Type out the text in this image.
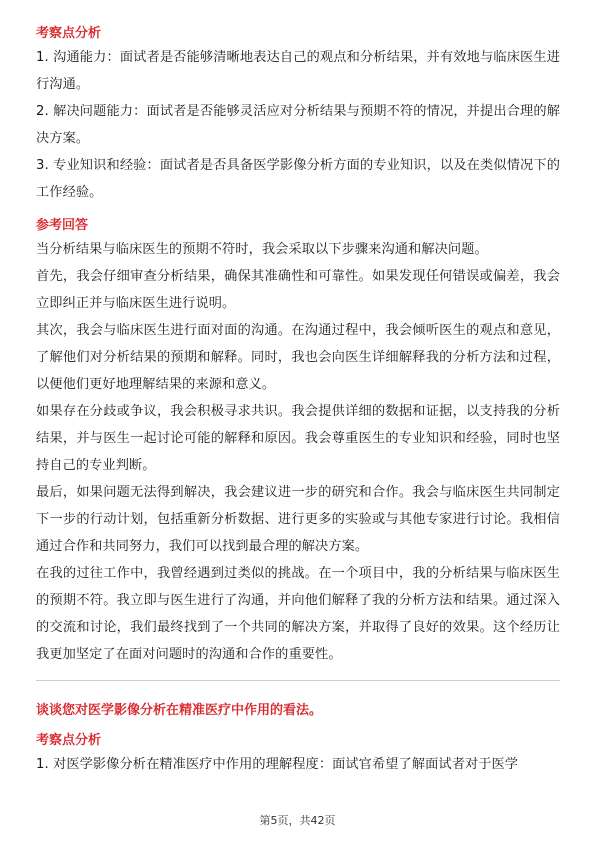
考察点分析

1. 沟通能力：面试者是否能够清晰地表达自己的观点和分析结果，并有效地与临床医生进行沟通。

2. 解决问题能力：面试者是否能够灵活应对分析结果与预期不符的情况，并提出合理的解决方案。

3. 专业知识和经验：面试者是否具备医学影像分析方面的专业知识，以及在类似情况下的工作经验。

参考回答

当分析结果与临床医生的预期不符时，我会采取以下步骤来沟通和解决问题。

首先，我会仔细审查分析结果，确保其准确性和可靠性。如果发现任何错误或偏差，我会立即纠正并与临床医生进行说明。

其次，我会与临床医生进行面对面的沟通。在沟通过程中，我会倾听医生的观点和意见，了解他们对分析结果的预期和解释。同时，我也会向医生详细解释我的分析方法和过程，以便他们更好地理解结果的来源和意义。

如果存在分歧或争议，我会积极寻求共识。我会提供详细的数据和证据，以支持我的分析结果，并与医生一起讨论可能的解释和原因。我会尊重医生的专业知识和经验，同时也坚持自己的专业判断。

最后，如果问题无法得到解决，我会建议进一步的研究和合作。我会与临床医生共同制定下一步的行动计划，包括重新分析数据、进行更多的实验或与其他专家进行讨论。我相信通过合作和共同努力，我们可以找到最合理的解决方案。

在我的过往工作中，我曾经遇到过类似的挑战。在一个项目中，我的分析结果与临床医生的预期不符。我立即与医生进行了沟通，并向他们解释了我的分析方法和结果。通过深入的交流和讨论，我们最终找到了一个共同的解决方案，并取得了良好的效果。这个经历让我更加坚定了在面对问题时的沟通和合作的重要性。

谈谈您对医学影像分析在精准医疗中作用的看法。

考察点分析

1. 对医学影像分析在精准医疗中作用的理解程度：面试官希望了解面试者对于医学

第5页，共42页
